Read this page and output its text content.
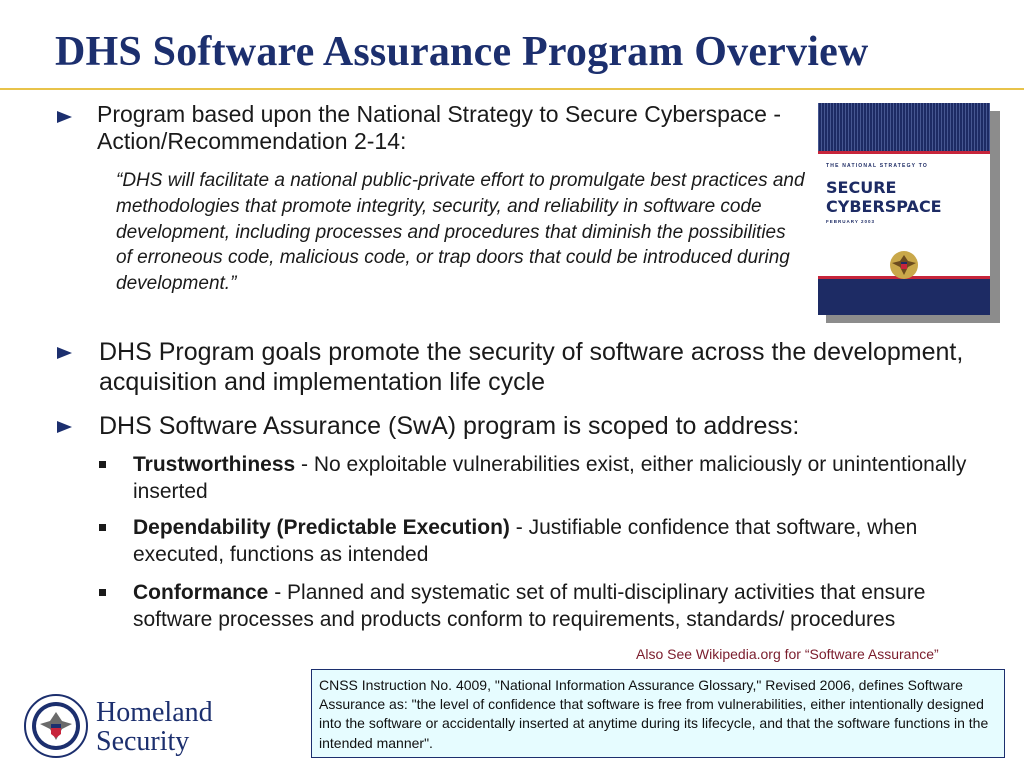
DHS Software Assurance Program Overview
Program based upon the National Strategy to Secure Cyberspace - Action/Recommendation 2-14:
“DHS will facilitate a national public-private effort to promulgate best practices and methodologies that promote integrity, security, and reliability in software code development, including processes and procedures that diminish the possibilities of erroneous code, malicious code, or trap doors that could be introduced during development.”
THE NATIONAL STRATEGY TO
SECURE
CYBERSPACE
FEBRUARY 2003
DHS Program goals promote the security of software across the development, acquisition and implementation life cycle
DHS Software Assurance (SwA) program is scoped to address:
Trustworthiness - No exploitable vulnerabilities exist, either maliciously or unintentionally inserted
Dependability (Predictable Execution) - Justifiable confidence that software, when executed, functions as intended
Conformance - Planned and systematic set of multi-disciplinary activities that ensure software processes and products conform to requirements, standards/ procedures
Also See Wikipedia.org for “Software Assurance”
Homeland
Security
CNSS Instruction No. 4009, "National Information Assurance Glossary," Revised 2006, defines Software Assurance as: "the level of confidence that software is free from vulnerabilities, either intentionally designed into the software or accidentally inserted at anytime during its lifecycle, and that the software functions in the intended manner".
